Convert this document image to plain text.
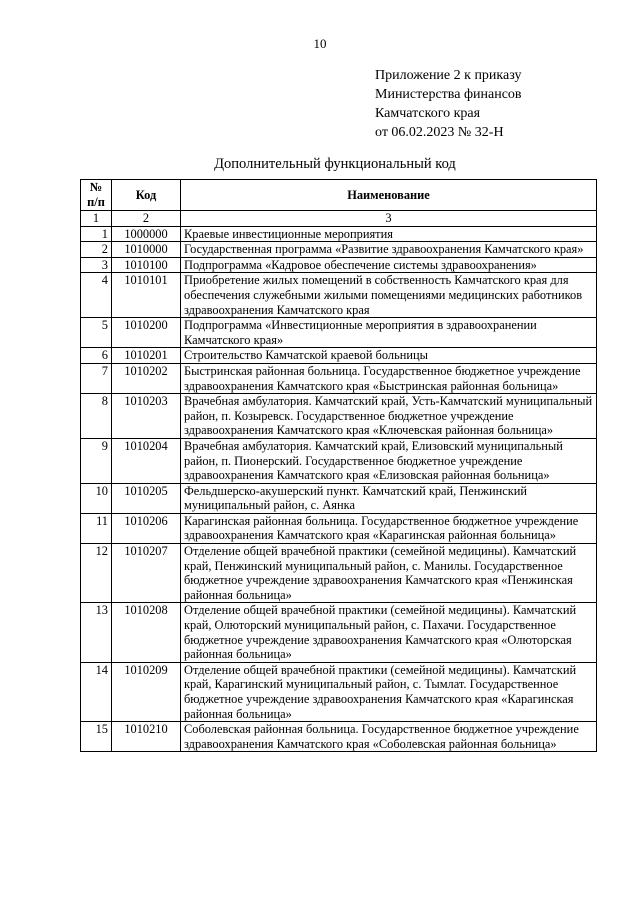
10
Приложение 2 к приказу
Министерства финансов
Камчатского края
от 06.02.2023 № 32-Н
Дополнительный функциональный код
№ п/п	Код	Наименование
1	2	3
1	1000000	Краевые инвестиционные мероприятия
2	1010000	Государственная программа «Развитие здравоохранения Камчатского края»
3	1010100	Подпрограмма «Кадровое обеспечение системы здравоохранения»
4	1010101	Приобретение жилых помещений в собственность Камчатского края для обеспечения служебными жилыми помещениями медицинских работников здравоохранения Камчатского края
5	1010200	Подпрограмма «Инвестиционные мероприятия в здравоохранении Камчатского края»
6	1010201	Строительство Камчатской краевой больницы
7	1010202	Быстринская районная больница. Государственное бюджетное учреждение здравоохранения Камчатского края «Быстринская районная больница»
8	1010203	Врачебная амбулатория. Камчатский край, Усть-Камчатский муниципальный район, п. Козыревск. Государственное бюджетное учреждение здравоохранения Камчатского края «Ключевская районная больница»
9	1010204	Врачебная амбулатория. Камчатский край, Елизовский муниципальный район, п. Пионерский. Государственное бюджетное учреждение здравоохранения Камчатского края «Елизовская районная больница»
10	1010205	Фельдшерско-акушерский пункт. Камчатский край, Пенжинский муниципальный район, с. Аянка
11	1010206	Карагинская районная больница. Государственное бюджетное учреждение здравоохранения Камчатского края «Карагинская районная больница»
12	1010207	Отделение общей врачебной практики (семейной медицины). Камчатский край, Пенжинский муниципальный район, с. Манилы. Государственное бюджетное учреждение здравоохранения Камчатского края «Пенжинская районная больница»
13	1010208	Отделение общей врачебной практики (семейной медицины). Камчатский край, Олюторский муниципальный район, с. Пахачи. Государственное бюджетное учреждение здравоохранения Камчатского края «Олюторская районная больница»
14	1010209	Отделение общей врачебной практики (семейной медицины). Камчатский край, Карагинский муниципальный район, с. Тымлат. Государственное бюджетное учреждение здравоохранения Камчатского края «Карагинская районная больница»
15	1010210	Соболевская районная больница. Государственное бюджетное учреждение здравоохранения Камчатского края «Соболевская районная больница»
